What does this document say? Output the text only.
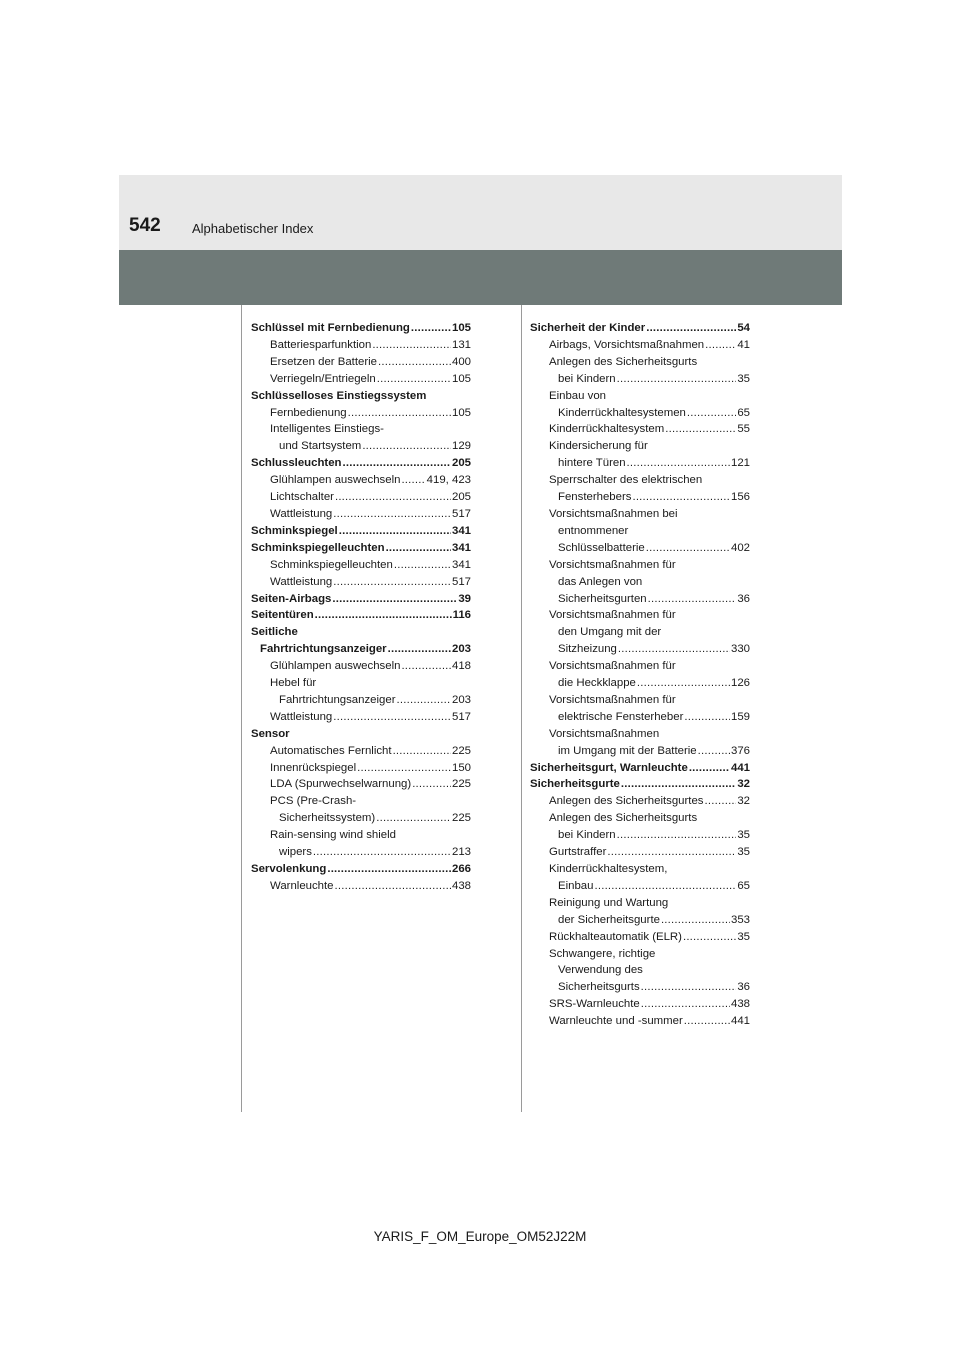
542 Alphabetischer Index
Schlüssel mit Fernbedienung .....	105
Batteriesparfunktion .....	131
Ersetzen der Batterie .....	400
Verriegeln/Entriegeln .....	105
Schlüsselloses Einstiegssystem
Fernbedienung .....	105
Intelligentes Einstiegs-
und Startsystem .....	129
Schlussleuchten .....	205
Glühlampen auswechseln ..... 419, 423
Lichtschalter .....	205
Wattleistung .....	517
Schminkspiegel .....	341
Schminkspiegelleuchten .....	341
Schminkspiegelleuchten .....	341
Wattleistung .....	517
Seiten-Airbags .....	39
Seitentüren .....	116
Seitliche
Fahrtrichtungsanzeiger .....	203
Glühlampen auswechseln .....	418
Hebel für
Fahrtrichtungsanzeiger .....	203
Wattleistung .....	517
Sensor
Automatisches Fernlicht .....	225
Innenrückspiegel .....	150
LDA (Spurwechselwarnung) .....	225
PCS (Pre-Crash-
Sicherheitssystem) .....	225
Rain-sensing wind shield
wipers .....	213
Servolenkung .....	266
Warnleuchte .....	438
Sicherheit der Kinder .....	54
Airbags, Vorsichtsmaßnahmen .....	41
Anlegen des Sicherheitsgurts
bei Kindern .....	35
Einbau von
Kinderrückhaltesystemen .....	65
Kinderrückhaltesystem .....	55
Kindersicherung für
hintere Türen .....	121
Sperrschalter des elektrischen
Fensterhebers .....	156
Vorsichtsmaßnahmen bei
entnommener
Schlüsselbatterie .....	402
Vorsichtsmaßnahmen für
das Anlegen von
Sicherheitsgurten .....	36
Vorsichtsmaßnahmen für
den Umgang mit der
Sitzheizung .....	330
Vorsichtsmaßnahmen für
die Heckklappe .....	126
Vorsichtsmaßnahmen für
elektrische Fensterheber .....	159
Vorsichtsmaßnahmen
im Umgang mit der Batterie .....	376
Sicherheitsgurt, Warnleuchte .....	441
Sicherheitsgurte .....	32
Anlegen des Sicherheitsgurtes .....	32
Anlegen des Sicherheitsgurts
bei Kindern .....	35
Gurtstraffer .....	35
Kinderrückhaltesystem,
Einbau .....	65
Reinigung und Wartung
der Sicherheitsgurte .....	353
Rückhalteautomatik (ELR) .....	35
Schwangere, richtige
Verwendung des
Sicherheitsgurts .....	36
SRS-Warnleuchte .....	438
Warnleuchte und -summer .....	441
YARIS_F_OM_Europe_OM52J22M
